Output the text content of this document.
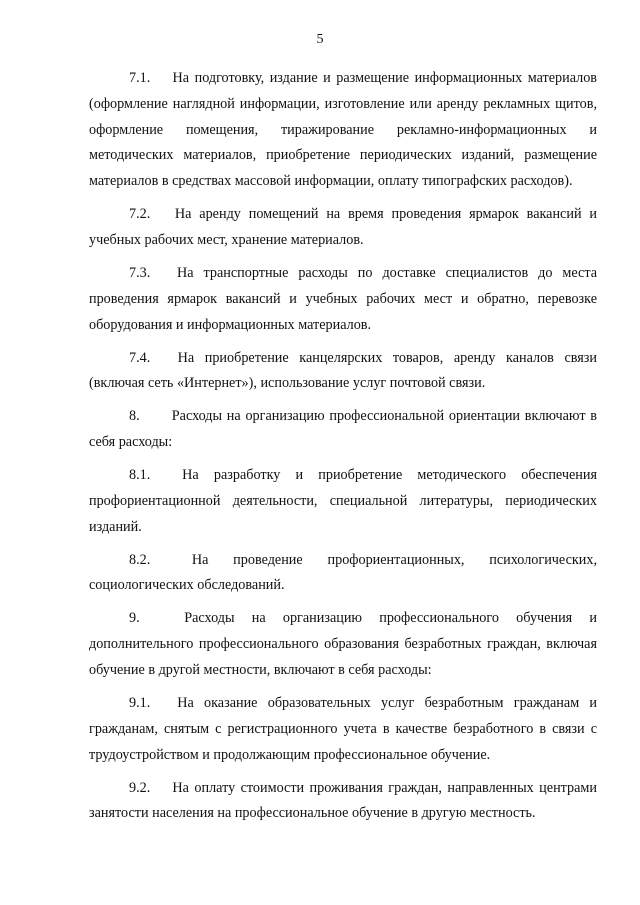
5

7.1. На подготовку, издание и размещение информационных материалов (оформление наглядной информации, изготовление или аренду рекламных щитов, оформление помещения, тиражирование рекламно-информационных и методических материалов, приобретение периодических изданий, размещение материалов в средствах массовой информации, оплату типографских расходов).

7.2. На аренду помещений на время проведения ярмарок вакансий и учебных рабочих мест, хранение материалов.

7.3. На транспортные расходы по доставке специалистов до места проведения ярмарок вакансий и учебных рабочих мест и обратно, перевозке оборудования и информационных материалов.

7.4. На приобретение канцелярских товаров, аренду каналов связи (включая сеть «Интернет»), использование услуг почтовой связи.

8. Расходы на организацию профессиональной ориентации включают в себя расходы:

8.1. На разработку и приобретение методического обеспечения профориентационной деятельности, специальной литературы, периодических изданий.

8.2.	На проведение профориентационных, психологических, социологических обследований.

9.	Расходы на организацию профессионального обучения и дополнительного профессионального образования безработных граждан, включая обучение в другой местности, включают в себя расходы:

9.1. На оказание образовательных услуг безработным гражданам и гражданам, снятым с регистрационного учета в качестве безработного в связи с трудоустройством и продолжающим профессиональное обучение.

9.2. На оплату стоимости проживания граждан, направленных центрами занятости населения на профессиональное обучение в другую местность.
